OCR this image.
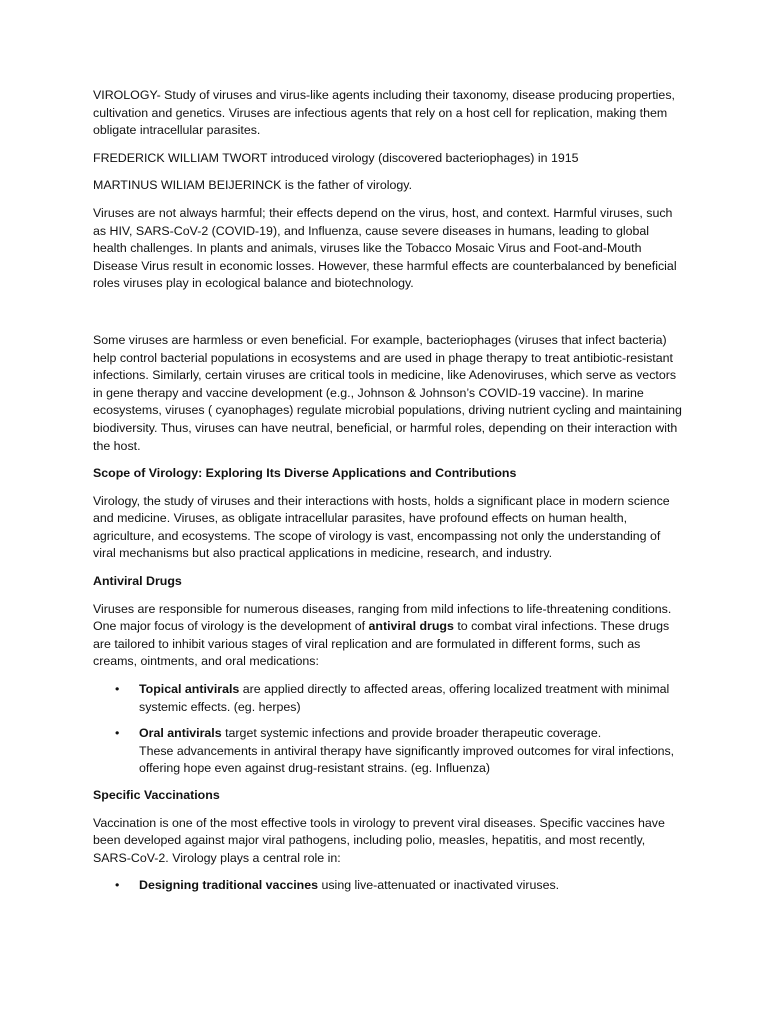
VIROLOGY- Study of viruses and virus-like agents including their taxonomy, disease producing properties, cultivation and genetics. Viruses are infectious agents that rely on a host cell for replication, making them obligate intracellular parasites.

FREDERICK WILLIAM TWORT introduced virology (discovered bacteriophages) in 1915

MARTINUS WILIAM BEIJERINCK is the father of virology.

Viruses are not always harmful; their effects depend on the virus, host, and context. Harmful viruses, such as HIV, SARS-CoV-2 (COVID-19), and Influenza, cause severe diseases in humans, leading to global health challenges. In plants and animals, viruses like the Tobacco Mosaic Virus and Foot-and-Mouth Disease Virus result in economic losses. However, these harmful effects are counterbalanced by beneficial roles viruses play in ecological balance and biotechnology.

Some viruses are harmless or even beneficial. For example, bacteriophages (viruses that infect bacteria) help control bacterial populations in ecosystems and are used in phage therapy to treat antibiotic-resistant infections. Similarly, certain viruses are critical tools in medicine, like Adenoviruses, which serve as vectors in gene therapy and vaccine development (e.g., Johnson & Johnson’s COVID-19 vaccine). In marine ecosystems, viruses ( cyanophages) regulate microbial populations, driving nutrient cycling and maintaining biodiversity. Thus, viruses can have neutral, beneficial, or harmful roles, depending on their interaction with the host.

Scope of Virology: Exploring Its Diverse Applications and Contributions

Virology, the study of viruses and their interactions with hosts, holds a significant place in modern science and medicine. Viruses, as obligate intracellular parasites, have profound effects on human health, agriculture, and ecosystems. The scope of virology is vast, encompassing not only the understanding of viral mechanisms but also practical applications in medicine, research, and industry.

Antiviral Drugs

Viruses are responsible for numerous diseases, ranging from mild infections to life-threatening conditions. One major focus of virology is the development of antiviral drugs to combat viral infections. These drugs are tailored to inhibit various stages of viral replication and are formulated in different forms, such as creams, ointments, and oral medications:

• Topical antivirals are applied directly to affected areas, offering localized treatment with minimal systemic effects. (eg. herpes)
• Oral antivirals target systemic infections and provide broader therapeutic coverage.
These advancements in antiviral therapy have significantly improved outcomes for viral infections, offering hope even against drug-resistant strains. (eg. Influenza)

Specific Vaccinations

Vaccination is one of the most effective tools in virology to prevent viral diseases. Specific vaccines have been developed against major viral pathogens, including polio, measles, hepatitis, and most recently, SARS-CoV-2. Virology plays a central role in:

• Designing traditional vaccines using live-attenuated or inactivated viruses.
